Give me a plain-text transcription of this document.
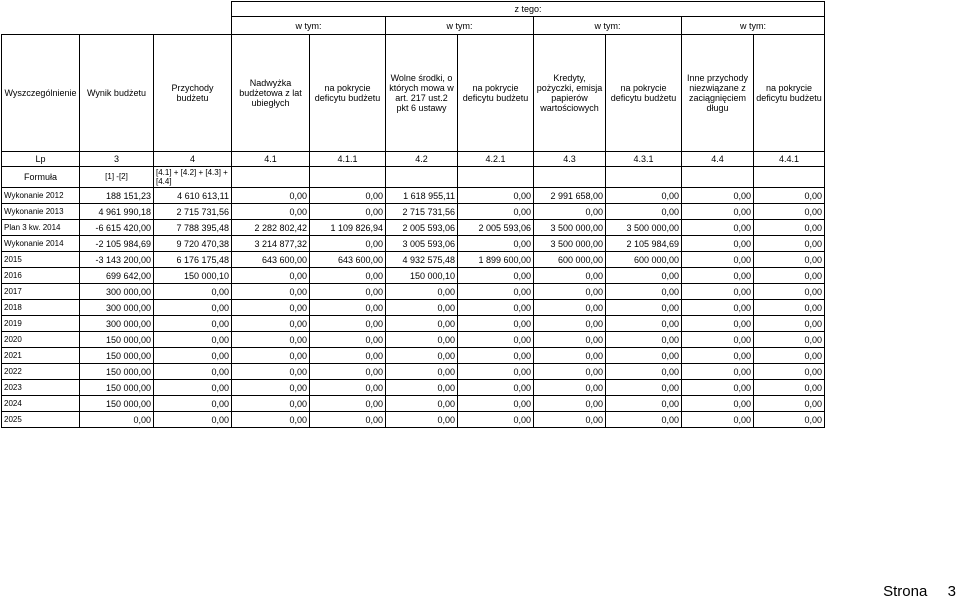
			z tego:							
			w tym:		w tym:		w tym:		w tym:	
Wyszczególnienie	Wynik budżetu	Przychody budżetu	Nadwyżka budżetowa z lat ubiegłych	na pokrycie deficytu budżetu	Wolne środki, o których mowa w art. 217 ust.2 pkt 6 ustawy	na pokrycie deficytu budżetu	Kredyty, pożyczki, emisja papierów wartościowych	na pokrycie deficytu budżetu	Inne przychody niezwiązane z zaciągnięciem długu	na pokrycie deficytu budżetu
Lp	3	4	4.1	4.1.1	4.2	4.2.1	4.3	4.3.1	4.4	4.4.1
Formuła	[1] -[2]	[4.1] + [4.2] + [4.3] + [4.4]								
Wykonanie 2012	188 151,23	4 610 613,11	0,00	0,00	1 618 955,11	0,00	2 991 658,00	0,00	0,00	0,00
Wykonanie 2013	4 961 990,18	2 715 731,56	0,00	0,00	2 715 731,56	0,00	0,00	0,00	0,00	0,00
Plan 3 kw. 2014	-6 615 420,00	7 788 395,48	2 282 802,42	1 109 826,94	2 005 593,06	2 005 593,06	3 500 000,00	3 500 000,00	0,00	0,00
Wykonanie 2014	-2 105 984,69	9 720 470,38	3 214 877,32	0,00	3 005 593,06	0,00	3 500 000,00	2 105 984,69	0,00	0,00
2015	-3 143 200,00	6 176 175,48	643 600,00	643 600,00	4 932 575,48	1 899 600,00	600 000,00	600 000,00	0,00	0,00
2016	699 642,00	150 000,10	0,00	0,00	150 000,10	0,00	0,00	0,00	0,00	0,00
2017	300 000,00	0,00	0,00	0,00	0,00	0,00	0,00	0,00	0,00	0,00
2018	300 000,00	0,00	0,00	0,00	0,00	0,00	0,00	0,00	0,00	0,00
2019	300 000,00	0,00	0,00	0,00	0,00	0,00	0,00	0,00	0,00	0,00
2020	150 000,00	0,00	0,00	0,00	0,00	0,00	0,00	0,00	0,00	0,00
2021	150 000,00	0,00	0,00	0,00	0,00	0,00	0,00	0,00	0,00	0,00
2022	150 000,00	0,00	0,00	0,00	0,00	0,00	0,00	0,00	0,00	0,00
2023	150 000,00	0,00	0,00	0,00	0,00	0,00	0,00	0,00	0,00	0,00
2024	150 000,00	0,00	0,00	0,00	0,00	0,00	0,00	0,00	0,00	0,00
2025	0,00	0,00	0,00	0,00	0,00	0,00	0,00	0,00	0,00	0,00
Strona 3
